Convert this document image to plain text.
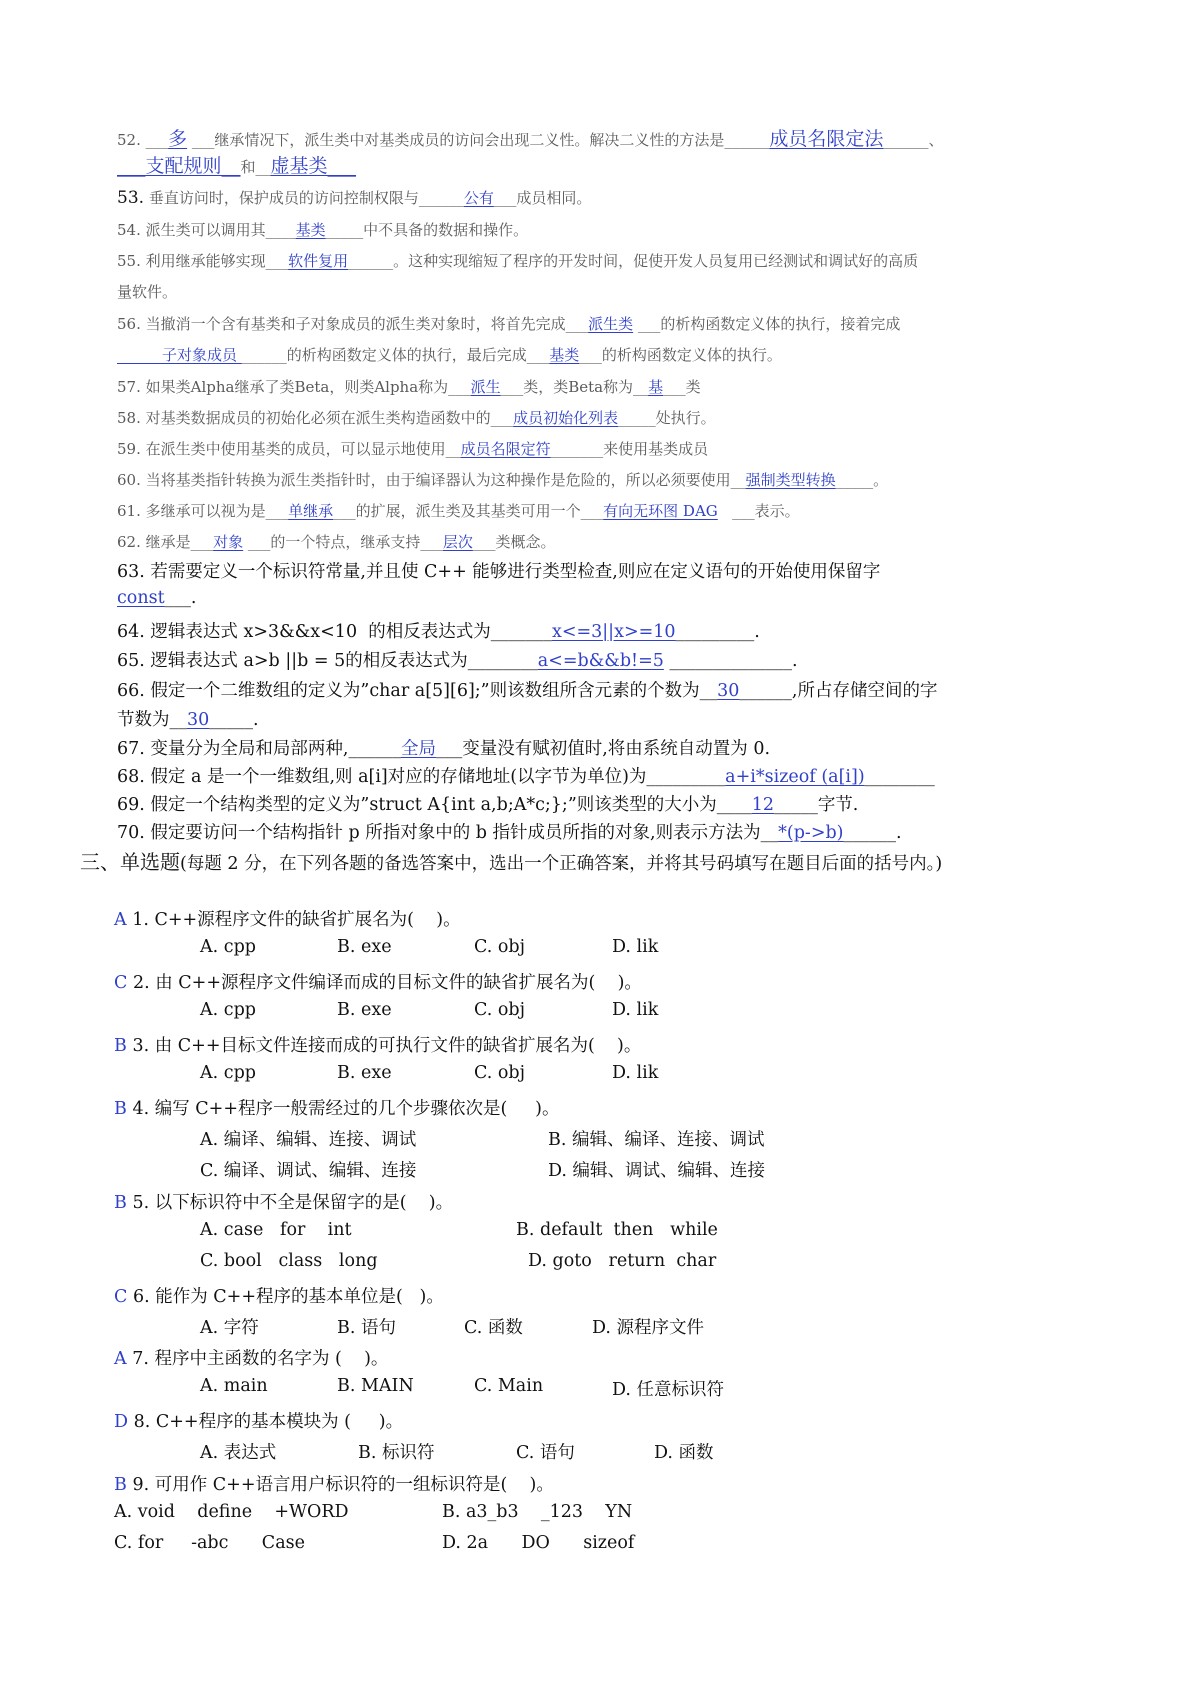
52. ___多 ___继承情况下，派生类中对基类成员的访问会出现二义性。解决二义性的方法是______成员名限定法______、
___支配规则__和__虚基类___
53. 垂直访问时，保护成员的访问控制权限与______公有___成员相同。
54. 派生类可以调用其____基类_____中不具备的数据和操作。
55. 利用继承能够实现___软件复用______。这种实现缩短了程序的开发时间，促使开发人员复用已经测试和调试好的高质
量软件。
56. 当撤消一个含有基类和子对象成员的派生类对象时，将首先完成___派生类 ___的析构函数定义体的执行，接着完成
______子对象成员 ______的析构函数定义体的执行，最后完成___基类___的析构函数定义体的执行。
57. 如果类Alpha继承了类Beta，则类Alpha称为___派生___类，类Beta称为__基___类
58. 对基类数据成员的初始化必须在派生类构造函数中的___成员初始化列表_____处执行。
59. 在派生类中使用基类的成员，可以显示地使用__成员名限定符_______来使用基类成员
60. 当将基类指针转换为派生类指针时，由于编译器认为这种操作是危险的，所以必须要使用__强制类型转换_____。
61. 多继承可以视为是___单继承___的扩展，派生类及其基类可用一个___有向无环图 DAG   ___表示。
62. 继承是___对象 ___的一个特点，继承支持___层次___类概念。
63. 若需要定义一个标识符常量,并且使 C++ 能够进行类型检查,则应在定义语句的开始使用保留字
const___.
64. 逻辑表达式 x>3&&x<10  的相反表达式为_______x<=3||x>=10_________.
65. 逻辑表达式 a>b ||b = 5的相反表达式为________a<=b&&b!=5 ______________.
66. 假定一个二维数组的定义为”char a[5][6];”则该数组所含元素的个数为__30______,所占存储空间的字
节数为__30_____.
67. 变量分为全局和局部两种,______全局___变量没有赋初值时,将由系统自动置为 0.
68. 假定 a 是一个一维数组,则 a[i]对应的存储地址(以字节为单位)为_________a+i*sizeof (a[i])________
69. 假定一个结构类型的定义为”struct A{int a,b;A*c;};”则该类型的大小为____12_____字节.
70. 假定要访问一个结构指针 p 所指对象中的 b 指针成员所指的对象,则表示方法为__*(p->b)______.
三、单选题(每题 2 分，在下列各题的备选答案中，选出一个正确答案，并将其号码填写在题目后面的括号内。)
A 1. C++源程序文件的缺省扩展名为(    )。
A. cpp	B. exe	C. obj	D. lik
C 2. 由 C++源程序文件编译而成的目标文件的缺省扩展名为(    )。
A. cpp	B. exe	C. obj	D. lik
B 3. 由 C++目标文件连接而成的可执行文件的缺省扩展名为(    )。
A. cpp	B. exe	C. obj	D. lik
B 4. 编写 C++程序一般需经过的几个步骤依次是(     )。
A. 编译、编辑、连接、调试	B. 编辑、编译、连接、调试
C. 编译、调试、编辑、连接	D. 编辑、调试、编辑、连接
B 5. 以下标识符中不全是保留字的是(    )。
A. case   for    int	B. default  then   while
C. bool   class   long	D. goto   return  char
C 6. 能作为 C++程序的基本单位是(   )。
A. 字符	B. 语句	C. 函数	D. 源程序文件
A 7. 程序中主函数的名字为 (    )。
A. main	B. MAIN	C. Main	D. 任意标识符
D 8. C++程序的基本模块为 (     )。
A. 表达式	B. 标识符	C. 语句	D. 函数
B 9. 可用作 C++语言用户标识符的一组标识符是(    )。
A. void    define    +WORD	B. a3_b3    _123    YN
C. for     -abc      Case	D. 2a      DO      sizeof
